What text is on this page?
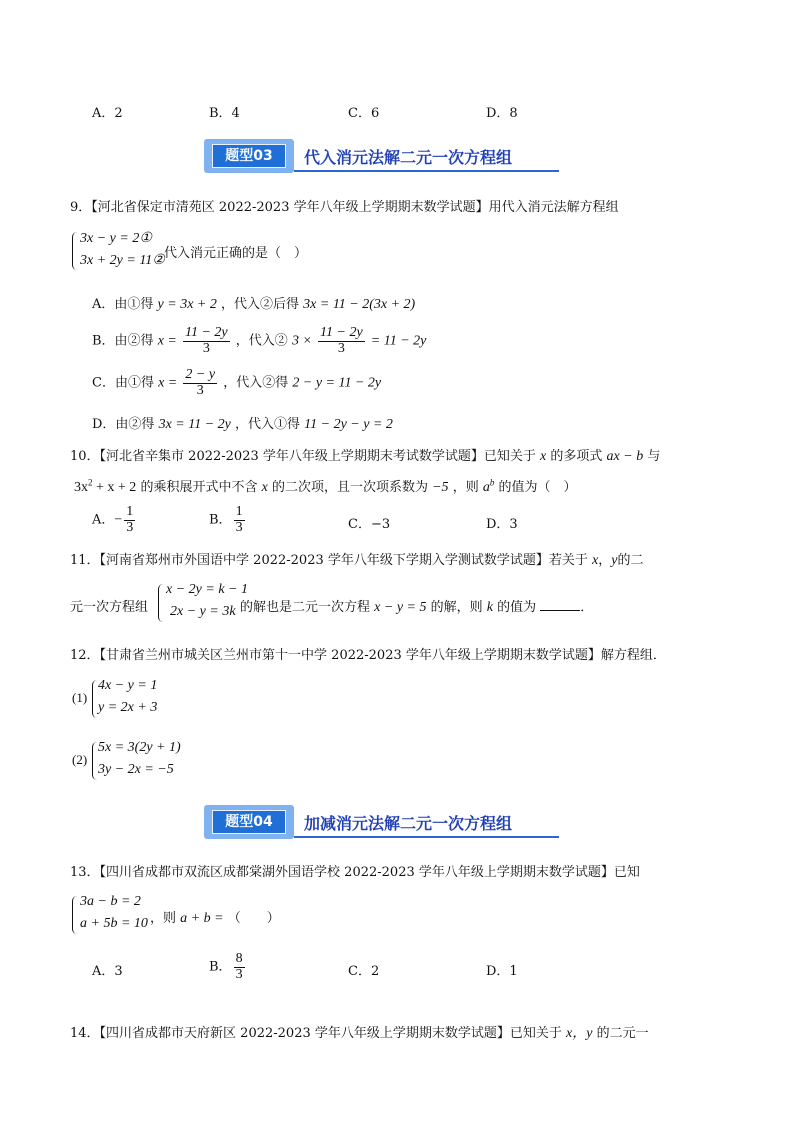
A．2	B．4	C．6	D．8
题型03	代入消元法解二元一次方程组
9．【河北省保定市清苑区 2022-2023 学年八年级上学期期末数学试题】用代入消元法解方程组
3x − y = 2①
3x + 2y = 11② 代入消元正确的是（　）
A．由①得 y = 3x + 2 ，代入②后得 3x = 11 − 2(3x + 2)
B．由②得 $x = \frac{11 - 2y}{3}$ ，代入② $3 \times \frac{11 - 2y}{3} = 11 - 2y$
C．由①得 $x = \frac{2 - y}{3}$ ，代入②得 2 − y = 11 − 2y
D．由②得 3x = 11 − 2y ，代入①得 11 − 2y − y = 2
10．【河北省辛集市 2022-2023 学年八年级上学期期末考试数学试题】已知关于 x 的多项式 ax − b 与
$3x^2 + x + 2$ 的乘积展开式中不含 x 的二次项，且一次项系数为 −5 ，则 $a^b$ 的值为（　）
A．− $\frac{1}{3}$	B． $\frac{1}{3}$	C．−3	D．3
11．【河南省郑州市外国语中学 2022-2023 学年八年级下学期入学测试数学试题】若关于 x，y的二
元一次方程组
x − 2y = k − 1
2x − y = 3k 的解也是二元一次方程 x − y = 5 的解，则 k 的值为	．
12．【甘肃省兰州市城关区兰州市第十一中学 2022-2023 学年八年级上学期期末数学试题】解方程组．
(1)
4x − y = 1
y = 2x + 3
(2)
5x = 3(2y + 1)
3y − 2x = −5
题型04	加减消元法解二元一次方程组
13．【四川省成都市双流区成都棠湖外国语学校 2022-2023 学年八年级上学期期末数学试题】已知
3a − b = 2
a + 5b = 10 ，则 a + b = （　　）
A．3	B． $\frac{8}{3}$	C．2	D．1
14．【四川省成都市天府新区 2022-2023 学年八年级上学期期末数学试题】已知关于 x，y 的二元一
